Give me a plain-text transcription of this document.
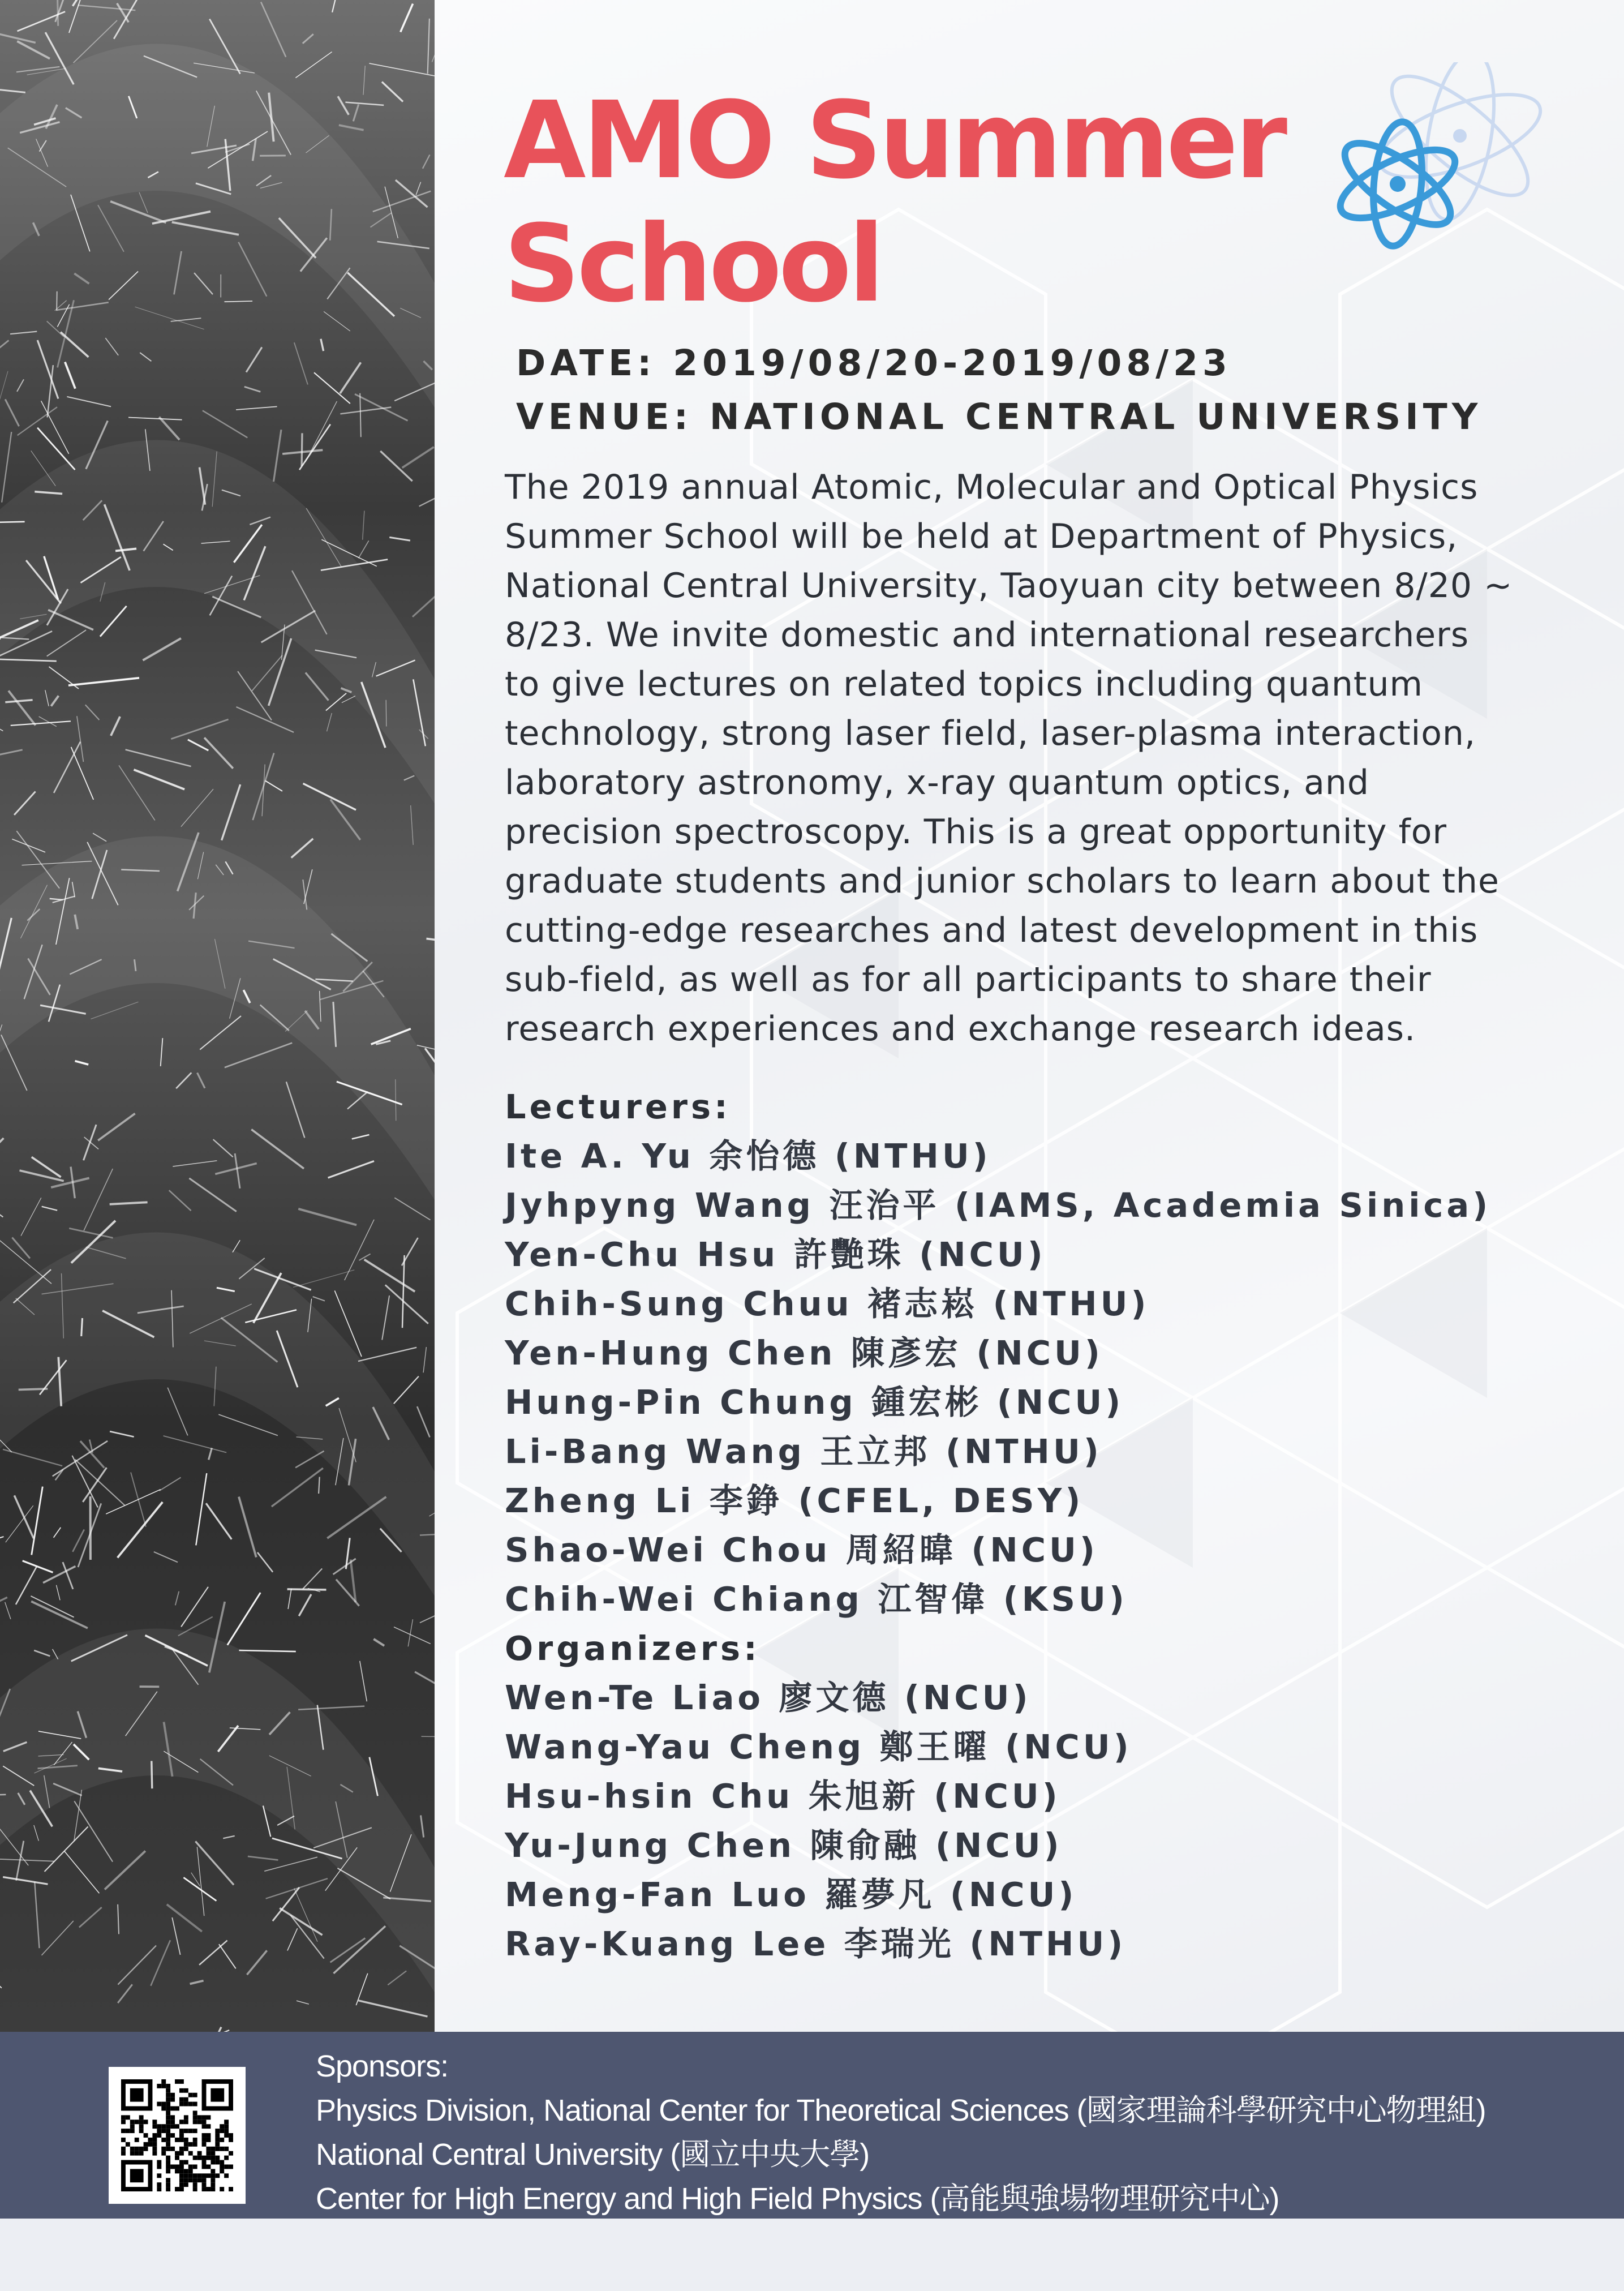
AMO Summer
School
DATE: 2019/08/20-2019/08/23
VENUE: NATIONAL CENTRAL UNIVERSITY

The 2019 annual Atomic, Molecular and Optical Physics
Summer School will be held at Department of Physics,
National Central University, Taoyuan city between 8/20 ~
8/23. We invite domestic and international researchers
to give lectures on related topics including quantum
technology, strong laser field, laser-plasma interaction,
laboratory astronomy, x-ray quantum optics, and
precision spectroscopy. This is a great opportunity for
graduate students and junior scholars to learn about the
cutting-edge researches and latest development in this
sub-field, as well as for all participants to share their
research experiences and exchange research ideas.

Lecturers:
Ite A. Yu 余怡德 (NTHU)
Jyhpyng Wang 汪治平 (IAMS, Academia Sinica)
Yen-Chu Hsu 許艷珠 (NCU)
Chih-Sung Chuu 褚志崧 (NTHU)
Yen-Hung Chen 陳彥宏 (NCU)
Hung-Pin Chung 鍾宏彬 (NCU)
Li-Bang Wang 王立邦 (NTHU)
Zheng Li 李錚 (CFEL, DESY)
Shao-Wei Chou 周紹暐 (NCU)
Chih-Wei Chiang 江智偉 (KSU)
Organizers:
Wen-Te Liao 廖文德 (NCU)
Wang-Yau Cheng 鄭王曜 (NCU)
Hsu-hsin Chu 朱旭新 (NCU)
Yu-Jung Chen 陳俞融 (NCU)
Meng-Fan Luo 羅夢凡 (NCU)
Ray-Kuang Lee 李瑞光 (NTHU)
Sponsors:
Physics Division, National Center for Theoretical Sciences (國家理論科學研究中心物理組)
National Central University (國立中央大學)
Center for High Energy and High Field Physics (高能與強場物理研究中心)
